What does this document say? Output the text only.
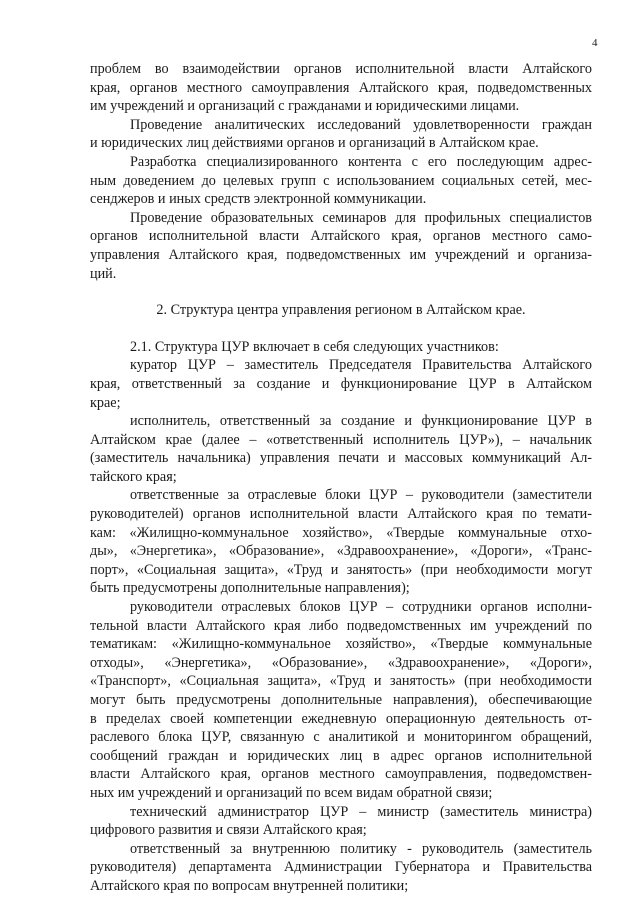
4
проблем во взаимодействии органов исполнительной власти Алтайского
края, органов местного самоуправления Алтайского края, подведомственных
им учреждений и организаций с гражданами и юридическими лицами.
Проведение аналитических исследований удовлетворенности граждан
и юридических лиц действиями органов и организаций в Алтайском крае.
Разработка специализированного контента с его последующим адрес-
ным доведением до целевых групп с использованием социальных сетей, мес-
сенджеров и иных средств электронной коммуникации.
Проведение образовательных семинаров для профильных специалистов
органов исполнительной власти Алтайского края, органов местного само-
управления Алтайского края, подведомственных им учреждений и организа-
ций.
2. Структура центра управления регионом в Алтайском крае.
2.1. Структура ЦУР включает в себя следующих участников:
куратор ЦУР – заместитель Председателя Правительства Алтайского
края, ответственный за создание и функционирование ЦУР в Алтайском
крае;
исполнитель, ответственный за создание и функционирование ЦУР в
Алтайском крае (далее – «ответственный исполнитель ЦУР»), – начальник
(заместитель начальника) управления печати и массовых коммуникаций Ал-
тайского края;
ответственные за отраслевые блоки ЦУР – руководители (заместители
руководителей) органов исполнительной власти Алтайского края по темати-
кам: «Жилищно-коммунальное хозяйство», «Твердые коммунальные отхо-
ды», «Энергетика», «Образование», «Здравоохранение», «Дороги», «Транс-
порт», «Социальная защита», «Труд и занятость» (при необходимости могут
быть предусмотрены дополнительные направления);
руководители отраслевых блоков ЦУР – сотрудники органов исполни-
тельной власти Алтайского края либо подведомственных им учреждений по
тематикам: «Жилищно-коммунальное хозяйство», «Твердые коммунальные
отходы», «Энергетика», «Образование», «Здравоохранение», «Дороги»,
«Транспорт», «Социальная защита», «Труд и занятость» (при необходимости
могут быть предусмотрены дополнительные направления), обеспечивающие
в пределах своей компетенции ежедневную операционную деятельность от-
раслевого блока ЦУР, связанную с аналитикой и мониторингом обращений,
сообщений граждан и юридических лиц в адрес органов исполнительной
власти Алтайского края, органов местного самоуправления, подведомствен-
ных им учреждений и организаций по всем видам обратной связи;
технический администратор ЦУР – министр (заместитель министра)
цифрового развития и связи Алтайского края;
ответственный за внутреннюю политику - руководитель (заместитель
руководителя) департамента Администрации Губернатора и Правительства
Алтайского края по вопросам внутренней политики;
